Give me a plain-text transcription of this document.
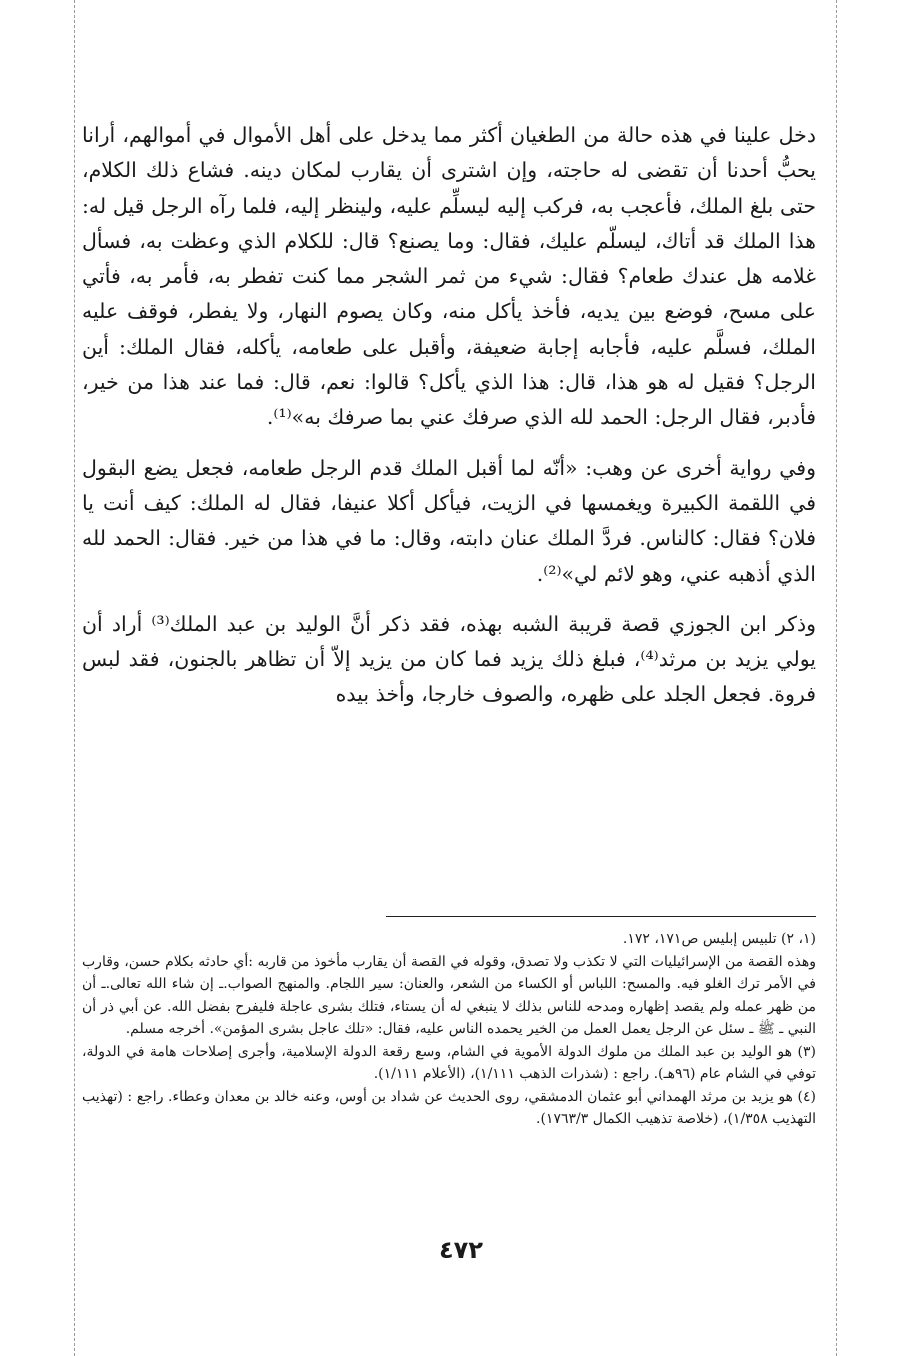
دخل علينا في هذه حالة من الطغيان أكثر مما يدخل على أهل الأموال في أموالهم، أرانا يحبُّ أحدنا أن تقضى له حاجته، وإن اشترى أن يقارب لمكان دينه. فشاع ذلك الكلام، حتى بلغ الملك، فأعجب به، فركب إليه ليسلِّم عليه، ولينظر إليه، فلما رآه الرجل قيل له: هذا الملك قد أتاك، ليسلّم عليك، فقال: وما يصنع؟ قال: للكلام الذي وعظت به، فسأل غلامه هل عندك طعام؟ فقال: شيء من ثمر الشجر مما كنت تفطر به، فأمر به، فأتي على مسح، فوضع بين يديه، فأخذ يأكل منه، وكان يصوم النهار، ولا يفطر، فوقف عليه الملك، فسلَّم عليه، فأجابه إجابة ضعيفة، وأقبل على طعامه، يأكله، فقال الملك: أين الرجل؟ فقيل له هو هذا، قال: هذا الذي يأكل؟ قالوا: نعم، قال: فما عند هذا من خير، فأدبر، فقال الرجل: الحمد لله الذي صرفك عني بما صرفك به»⁽¹⁾.

وفي رواية أخرى عن وهب: «أنّه لما أقبل الملك قدم الرجل طعامه، فجعل يضع البقول في اللقمة الكبيرة ويغمسها في الزيت، فيأكل أكلا عنيفا، فقال له الملك: كيف أنت يا فلان؟ فقال: كالناس. فردَّ الملك عنان دابته، وقال: ما في هذا من خير. فقال: الحمد لله الذي أذهبه عني، وهو لائم لي»⁽²⁾.

وذكر ابن الجوزي قصة قريبة الشبه بهذه، فقد ذكر أنَّ الوليد بن عبد الملك⁽³⁾ أراد أن يولي يزيد بن مرثد⁽⁴⁾، فبلغ ذلك يزيد فما كان من يزيد إلاّ أن تظاهر بالجنون، فقد لبس فروة. فجعل الجلد على ظهره، والصوف خارجا، وأخذ بيده

(١، ٢) تلبيس إبليس ص١٧١، ١٧٢.

وهذه القصة من الإسرائيليات التي لا تكذب ولا تصدق، وقوله في القصة أن يقارب مأخوذ من قاربه :أي حادثه بكلام حسن، وقارب في الأمر ترك الغلو فيه. والمسح: اللباس أو الكساء من الشعر، والعنان: سير اللجام. والمنهج الصواب.ـ إن شاء الله تعالى.ـ أن من ظهر عمله ولم يقصد إظهاره ومدحه للناس بذلك لا ينبغي له أن يستاء، فتلك بشرى عاجلة فليفرح بفضل الله. عن أبي ذر أن النبي ـ ﷺ ـ سئل عن الرجل يعمل العمل من الخير يحمده الناس عليه، فقال: «تلك عاجل بشرى المؤمن». أخرجه مسلم.

(٣) هو الوليد بن عبد الملك من ملوك الدولة الأموية في الشام، وسع رقعة الدولة الإسلامية، وأجرى إصلاحات هامة في الدولة، توفي في الشام عام (٩٦هـ). راجع : (شذرات الذهب ١/١١١)، (الأعلام ١/١١١).

(٤) هو يزيد بن مرثد الهمداني أبو عثمان الدمشقي، روى الحديث عن شداد بن أوس، وعنه خالد بن معدان وعطاء. راجع : (تهذيب التهذيب ١/٣٥٨)، (خلاصة تذهيب الكمال ١٧٦٣/٣).

٤٧٢
